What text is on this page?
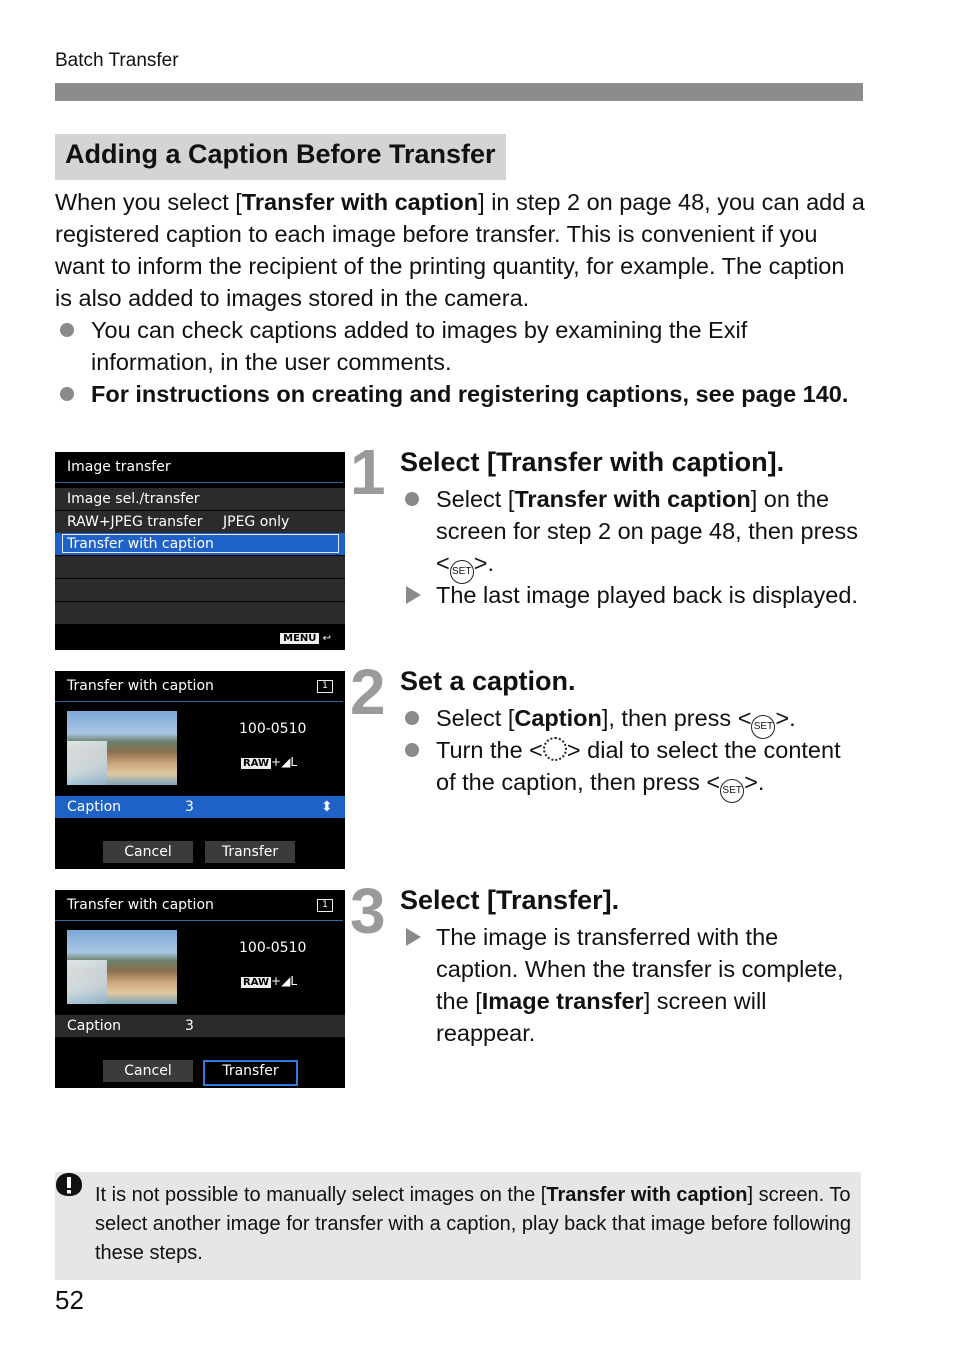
Batch Transfer
Adding a Caption Before Transfer
When you select [Transfer with caption] in step 2 on page 48, you can add a registered caption to each image before transfer. This is convenient if you want to inform the recipient of the printing quantity, for example. The caption is also added to images stored in the camera.
You can check captions added to images by examining the Exif information, in the user comments.
For instructions on creating and registering captions, see page 140.
1 Select [Transfer with caption].
Select [Transfer with caption] on the screen for step 2 on page 48, then press < SET>.
The last image played back is displayed.
Image transfer
Image sel./transfer
RAW+JPEG transfer JPEG only
Transfer with caption
MENU ↩
2 Set a caption.
Select [Caption], then press < SET>.
Turn the < > dial to select the content of the caption, then press < SET>.
Transfer with caption	1
100-0510
RAW +◢L
Caption	3	⬍
Cancel	Transfer
3 Select [Transfer].
The image is transferred with the caption. When the transfer is complete, the [Image transfer] screen will reappear.
Transfer with caption	1
100-0510
RAW +◢L
Caption	3
Cancel	Transfer
It is not possible to manually select images on the [Transfer with caption] screen. To select another image for transfer with a caption, play back that image before following these steps.
52
